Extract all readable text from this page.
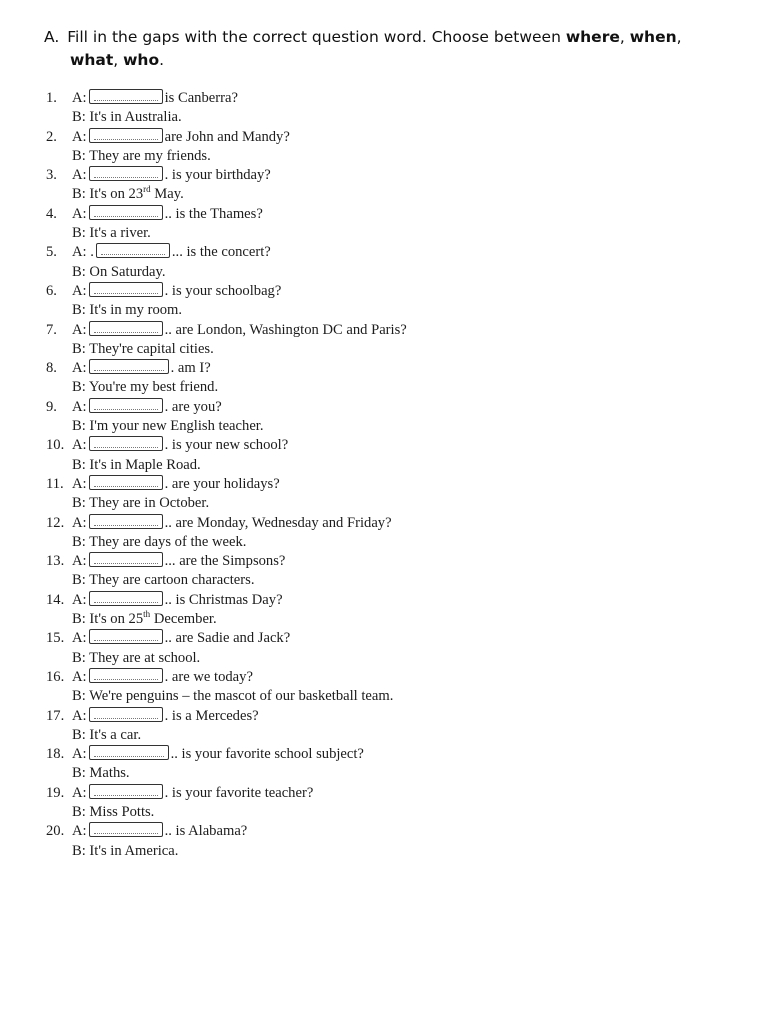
A. Fill in the gaps with the correct question word. Choose between where, when,
what, who.
1. A:	is Canberra?
B: It's in Australia.
2. A:	are John and Mandy?
B: They are my friends.
3. A:	. is your birthday?
B: It's on 23rd May.
4. A:	.. is the Thames?
B: It's a river.
5. A: .	... is the concert?
B: On Saturday.
6. A:	. is your schoolbag?
B: It's in my room.
7. A:	.. are London, Washington DC and Paris?
B: They're capital cities.
8. A:	. am I?
B: You're my best friend.
9. A:	. are you?
B: I'm your new English teacher.
10. A:	. is your new school?
B: It's in Maple Road.
11. A:	. are your holidays?
B: They are in October.
12. A:	.. are Monday, Wednesday and Friday?
B: They are days of the week.
13. A:	... are the Simpsons?
B: They are cartoon characters.
14. A:	.. is Christmas Day?
B: It's on 25th December.
15. A:	.. are Sadie and Jack?
B: They are at school.
16. A:	. are we today?
B: We're penguins – the mascot of our basketball team.
17. A:	. is a Mercedes?
B: It's a car.
18. A:	.. is your favorite school subject?
B: Maths.
19. A:	. is your favorite teacher?
B: Miss Potts.
20. A:	.. is Alabama?
B: It's in America.
